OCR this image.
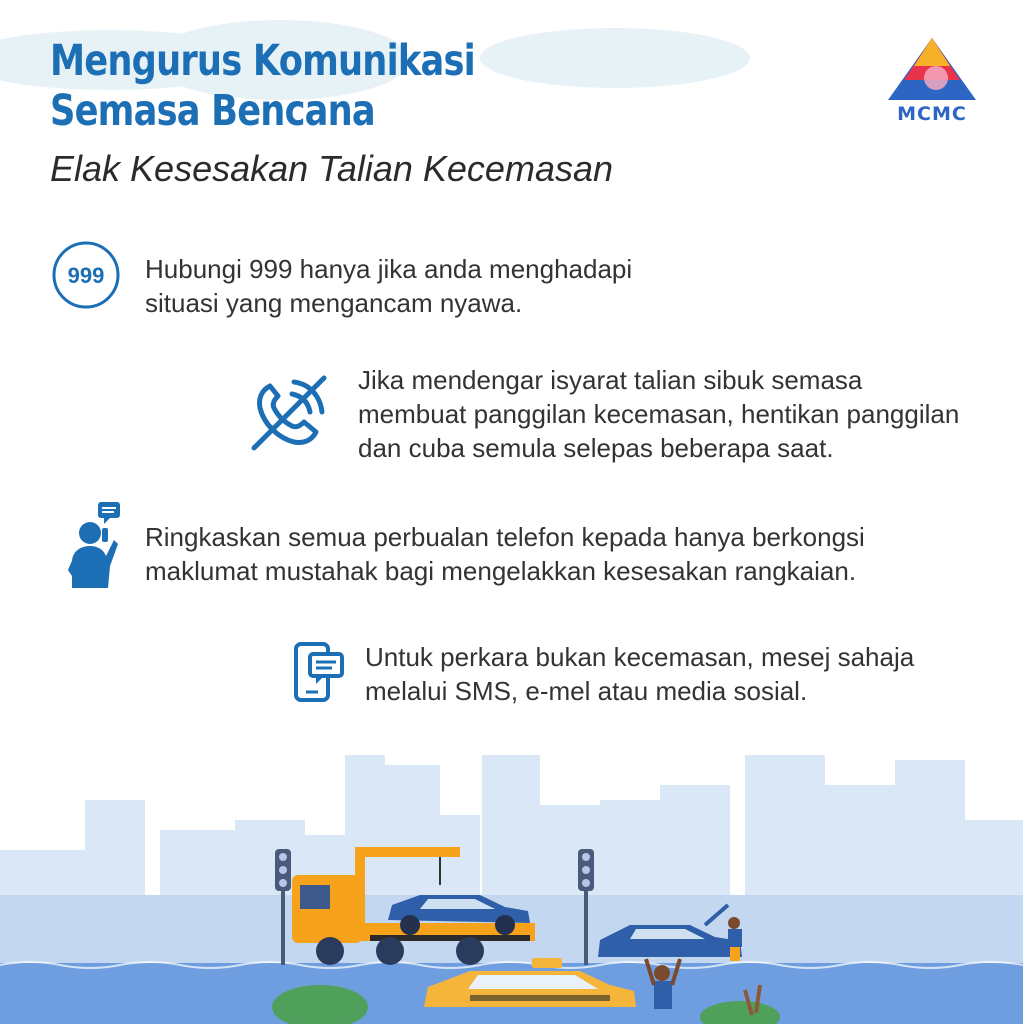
Mengurus Komunikasi
Semasa Bencana
Elak Kesesakan Talian Kecemasan
MCMC
999 Hubungi 999 hanya jika anda menghadapi
situasi yang mengancam nyawa.
Jika mendengar isyarat talian sibuk semasa
membuat panggilan kecemasan, hentikan panggilan
dan cuba semula selepas beberapa saat.
Ringkaskan semua perbualan telefon kepada hanya berkongsi
maklumat mustahak bagi mengelakkan kesesakan rangkaian.
Untuk perkara bukan kecemasan, mesej sahaja
melalui SMS, e-mel atau media sosial.
